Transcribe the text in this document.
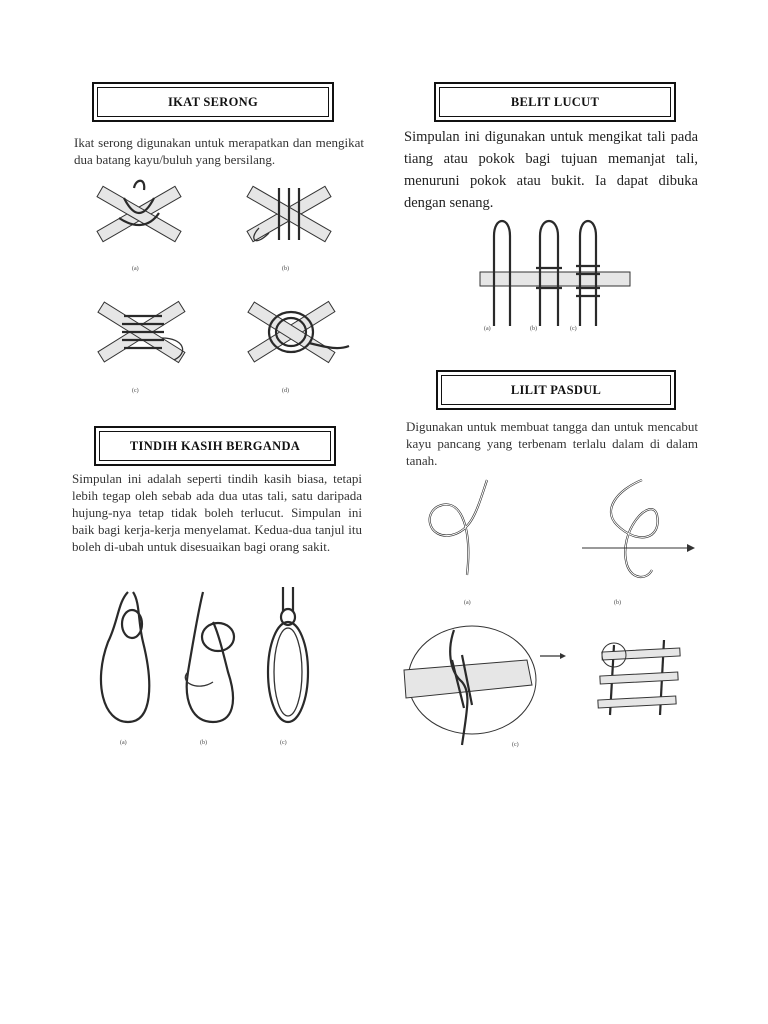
IKAT SERONG
Ikat serong digunakan untuk merapatkan dan mengikat dua batang kayu/buluh yang bersilang.
(a)	(b)
(c)	(d)
BELIT LUCUT
Simpulan ini digunakan untuk mengikat tali pada tiang atau pokok bagi tujuan memanjat tali, menuruni pokok atau bukit. Ia dapat dibuka dengan senang.
(a)	(b)	(c)
TINDIH KASIH BERGANDA
Simpulan ini adalah seperti tindih kasih biasa, tetapi lebih tegap oleh sebab ada dua utas tali, satu daripada hujung-nya tetap tidak boleh terlucut. Simpulan ini baik bagi kerja-kerja menyelamat. Kedua-dua tanjul itu boleh di-ubah untuk disesuaikan bagi orang sakit.
(a)	(b)	(c)
LILIT PASDUL
Digunakan untuk membuat tangga dan untuk mencabut kayu pancang yang terbenam terlalu dalam di dalam tanah.
(a)	(b)
(c)
